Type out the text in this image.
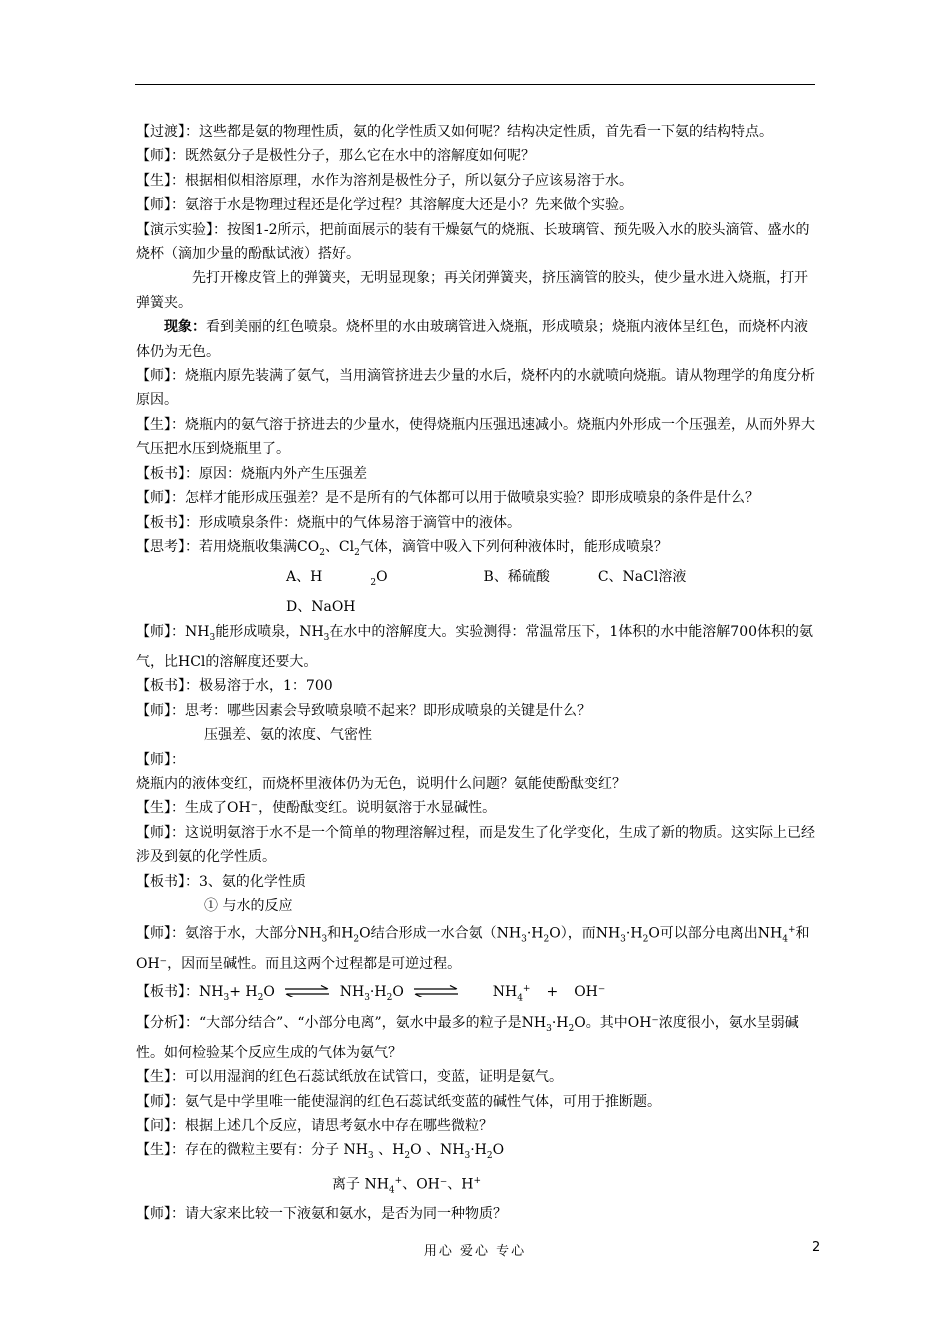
【过渡】：这些都是氨的物理性质，氨的化学性质又如何呢？结构决定性质，首先看一下氨的结构特点。

【师】：既然氨分子是极性分子，那么它在水中的溶解度如何呢？

【生】：根据相似相溶原理，水作为溶剂是极性分子，所以氨分子应该易溶于水。

【师】：氨溶于水是物理过程还是化学过程？其溶解度大还是小？先来做个实验。

【演示实验】：按图1-2所示，把前面展示的装有干燥氨气的烧瓶、长玻璃管、预先吸入水的胶头滴管、盛水的烧杯（滴加少量的酚酞试液）搭好。

先打开橡皮管上的弹簧夹，无明显现象；再关闭弹簧夹，挤压滴管的胶头，使少量水进入烧瓶，打开弹簧夹。

现象：看到美丽的红色喷泉。烧杯里的水由玻璃管进入烧瓶，形成喷泉；烧瓶内液体呈红色，而烧杯内液体仍为无色。

【师】：烧瓶内原先装满了氨气，当用滴管挤进去少量的水后，烧杯内的水就喷向烧瓶。请从物理学的角度分析原因。

【生】：烧瓶内的氨气溶于挤进去的少量水，使得烧瓶内压强迅速减小。烧瓶内外形成一个压强差，从而外界大气压把水压到烧瓶里了。

【板书】：原因：烧瓶内外产生压强差

【师】：怎样才能形成压强差？是不是所有的气体都可以用于做喷泉实验？即形成喷泉的条件是什么？

【板书】：形成喷泉条件：烧瓶中的气体易溶于滴管中的液体。

【思考】：若用烧瓶收集满$CO_2$、$Cl_2$气体，滴管中吸入下列何种液体时，能形成喷泉？

A、H	$_2$O	B、稀硫酸	C、NaCl溶液D、NaOH

【师】：$NH_3$能形成喷泉，$NH_3$在水中的溶解度大。实验测得：常温常压下，1体积的水中能溶解700体积的氨气，比HCl的溶解度还要大。

【板书】：极易溶于水，1：700

【师】：思考：哪些因素会导致喷泉喷不起来？即形成喷泉的关键是什么？

压强差、氨的浓度、气密性

【师】：

烧瓶内的液体变红，而烧杯里液体仍为无色，说明什么问题？氨能使酚酞变红？

【生】：生成了OH⁻，使酚酞变红。说明氨溶于水显碱性。

【师】：这说明氨溶于水不是一个简单的物理溶解过程，而是发生了化学变化，生成了新的物质。这实际上已经涉及到氨的化学性质。

【板书】：3、氨的化学性质

① 与水的反应

【师】：氨溶于水，大部分$NH_3$和$H_2O$结合形成一水合氨$(NH_3\cdot H_2O)$，而$NH_3\cdot H_2O$可以部分电离出$NH_4^+$和OH⁻，因而呈碱性。而且这两个过程都是可逆过程。

【板书】：$NH_3+ H_2O$ ⇌ $NH_3\cdot H_2O$ ⇌ $NH_4^+ + OH^-$

【分析】：“大部分结合”、“小部分电离”，氨水中最多的粒子是$NH_3\cdot H_2O$。其中OH⁻浓度很小，氨水呈弱碱性。如何检验某个反应生成的气体为氨气？

【生】：可以用湿润的红色石蕊试纸放在试管口，变蓝，证明是氨气。

【师】：氨气是中学里唯一能使湿润的红色石蕊试纸变蓝的碱性气体，可用于推断题。

【问】：根据上述几个反应，请思考氨水中存在哪些微粒？

【生】：存在的微粒主要有：分子 $NH_3$ 、$H_2O$ 、$NH_3\cdot H_2O$

离子 $NH_4^+$、OH⁻、H+

【师】：请大家来比较一下液氨和氨水，是否为同一种物质？

用心 爱心 专心	2
